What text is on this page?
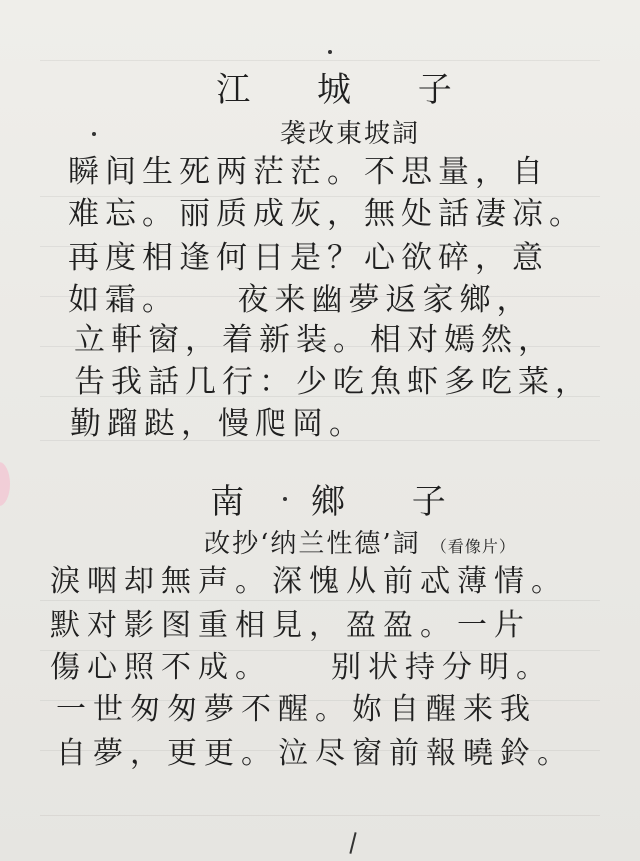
江 城 子
袭改東坡詞
瞬间生死两茫茫。不思量，自
难忘。丽质成灰，無处話凄凉。
再度相逢何日是？心欲碎，意
如霜。　　夜来幽夢返家鄉，
立軒窗，着新装。相对嫣然，
吿我話几行：少吃魚虾多吃菜，
勤蹓跶，慢爬岡。
南 鄉 子
改抄‘纳兰性德’詞 （看像片）
淚咽却無声。深愧从前忒薄情。
默对影图重相見，盈盈。一片
傷心照不成。　　别状持分明。
一世匆匆夢不醒。妳自醒来我
自夢，更更。泣尽窗前報曉鈴。
